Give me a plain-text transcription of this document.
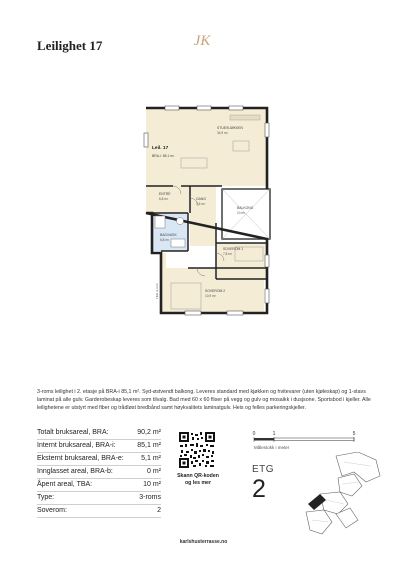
Leilighet 17	JK
Leil. 17
BRA-i: 85,1 m²
STUE/KJØKKEN
34,9 m²
ENTRÉ
6,8 m²	GANG
7,6 m²
BALKONG
10 m²
BAD/VASK
6,8 m²
SOVEROM 1
7,8 m²
SOVEROM 2
10,9 m²
TEK. 2,3 m²
3-roms leilighet i 2. etasje på BRA-i 85,1 m². Syd-østvendt balkong. Leveres standard med kjøkken og hvitevarer (uten kjøleskap) og 1-stavs laminat på alle gulv. Garderobeskap leveres som tilvalg. Bad med 60 x 60 fliser på vegg og gulv og mosaikk i dusjsone. Sportsbod i kjeller. Alle leilighetene er utstyrt med fiber og trådløst bredbånd samt høykvalitets laminatgulv. Heis og felles parkeringskjeller.
Totalt bruksareal, BRA:	90,2 m²
Internt bruksareal, BRA-i:	85,1 m²
Eksternt bruksareal, BRA-e: 5,1 m²
Innglasset areal, BRA-b:	0 m²
Åpent areal, TBA:	10 m²
Type:	3-roms
Soverom:	2
Skann QR-koden
og les mer
0	1	5
Målestokk i meter
ETG
2
karlshusterrasse.no
